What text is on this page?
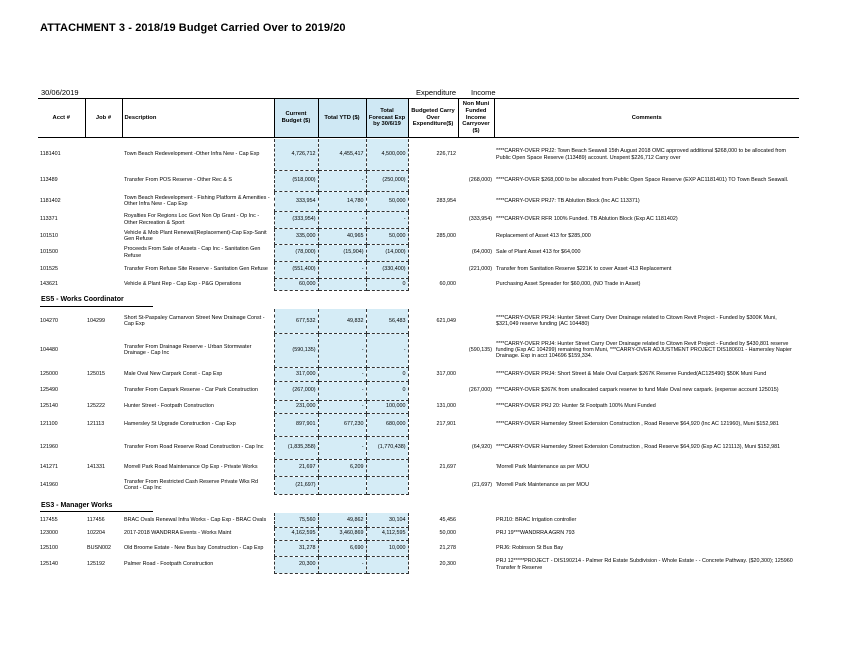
ATTACHMENT 3 - 2018/19 Budget Carried Over to 2019/20
30/06/2019	Expenditure Income
Acct #	Job #	Description	Current Budget ($)	Total YTD ($)	Total Forecast Exp by 30/6/19	Budgeted Carry Over Expenditure($)	Non Muni Funded Income Carryover ($)	Comments
1181401		Town Beach Redevelopment -Other Infra New - Cap Exp	4,726,712	4,455,417	4,500,000	226,712		****CARRY-OVER PRJ2: Town Beach Seawall 15th August 2018 OMC approved additional $268,000 to be allocated from Public Open Space Reserve (113489) account. Unspent $226,712 Carry over
113489		Transfer From POS Reserve - Other Rec & S	(518,000)	-	(250,000)		(268,000)	****CARRY-OVER $268,000 to be allocated from Public Open Space Reserve (EXP AC1181401) TO Town Beach Seawall.
1181402		Town Beach Redevelopment - Fishing Platform & Amenities -Other Infra New - Cap Exp	333,954	14,780	50,000	283,954		****CARRY-OVER PRJ7: TB Ablution Block (Inc AC 113371)
113371		Royalties For Regions Loc Govt Non Op Grant - Op Inc - Other Recreation & Sport	(333,954)	-	-		(333,954)	****CARRY-OVER RFR 100% Funded. TB Ablution Block (Exp AC 1181402)
101510		Vehicle & Mob Plant Renewal(Replacement)-Cap Exp-Sanit Gen Refuse	335,000	40,965	50,000	285,000		Replacement of Asset 413 for $285,000
101500		Proceeds From Sale of Assets - Cap Inc - Sanitation Gen Refuse	(78,000)	(15,904)	(14,000)		(64,000)	Sale of Plant Asset 413 for $64,000
101525		Transfer From Refuse Site Reserve - Sanitation Gen Refuse	(551,400)	-	(330,400)		(221,000)	Transfer from Sanitation Reserve $221K to cover Asset 413 Replacement
143621		Vehicle & Plant Rep - Cap Exp - P&G Operations	60,000		0	60,000		Purchasing Asset Spreader for $60,000, (NO Trade in Asset)
ES5 - Works Coordinator
104270	104299	Short St-Paspaley Carnarvon Street New Drainage Const - Cap Exp	677,532	49,832	56,483	621,049		****CARRY-OVER PRJ4: Hunter Street Carry Over Drainage related to Citown Revit Project - Funded by $300K Muni, $321,049 reserve funding (AC 104480)
104480		Transfer From Drainage Reserve - Urban Stormwater Drainage - Cap Inc	(590,135)	-	-		(590,135)	****CARRY-OVER PRJ4: Hunter Street Carry Over Drainage related to Citown Revit Project - Funded by $430,801 reserve funding (Exp AC 104299) remaining from Muni, ***CARRY-OVER ADJUSTMENT PROJECT DIS180601 - Hamersley Napier Drainage. Exp in acct 104696 $159,334.
125000	125015	Male Oval New Carpark Const - Cap Exp	317,000	-	0	317,000		****CARRY-OVER PRJ4: Short Street & Male Oval Carpark $267K Reserve Funded(AC125490) $50K Muni Fund
125490		Transfer From Carpark Reserve - Car Park Construction	(267,000)	-	0		(267,000)	****CARRY-OVER $267K from unallocated carpark reserve to fund Male Oval new carpark. (expense account 125015)
125140	125222	Hunter Street - Footpath Construction	231,000	-	100,000	131,000		****CARRY-OVER PRJ 20: Hunter St Footpath 100% Muni Funded
121100	121113	Hamersley St Upgrade Construction - Cap Exp	897,901	677,230	680,000	217,901		****CARRY-OVER Hamersley Street Extension Construction , Road Reserve $64,920 (Inc AC 121960), Muni $152,981
121960		Transfer From Road Reserve Road Construction - Cap Inc	(1,835,358)	-	(1,770,438)		(64,920)	****CARRY-OVER Hamersley Street Extension Construction , Road Reserve $64,920 (Exp AC 121113), Muni $152,981
141271	141331	Morrell Park Road Maintenance Op Exp - Private Works	21,697	6,209		21,697		'Morrell Park Maintenance as per MOU
141960		Transfer From Restricted Cash Reserve Private Wks Rd Const - Cap Inc	(21,697)				(21,697)	'Morrell Park Maintenance as per MOU
ES3 - Manager Works
117455	117456	BRAC Ovals Renewal Infra Works - Cap Exp - BRAC Ovals	75,560	49,862	30,104	45,456		PRJ10: BRAC Irrigation controller
123000	102204	2017-2018 WANDRRA Events - Works Maint	4,162,595	3,460,869	4,112,595	50,000		PRJ 19***WANDRRA AGRN 793
125100	BUSN002	Old Broome Estate - New Bus bay Construction - Cap Exp	31,278	6,690	10,000	21,278		PRJ6: Robinson St Bus Bay
125140	125192	Palmer Road - Footpath Construction	20,300	-		20,300		PRJ 12*****PROJECT - DIS190214 - Palmer Rd Estate Subdivision - Whole Estate - - Concrete Pathway. ($20,300); 125960 Transfer fr Reserve
